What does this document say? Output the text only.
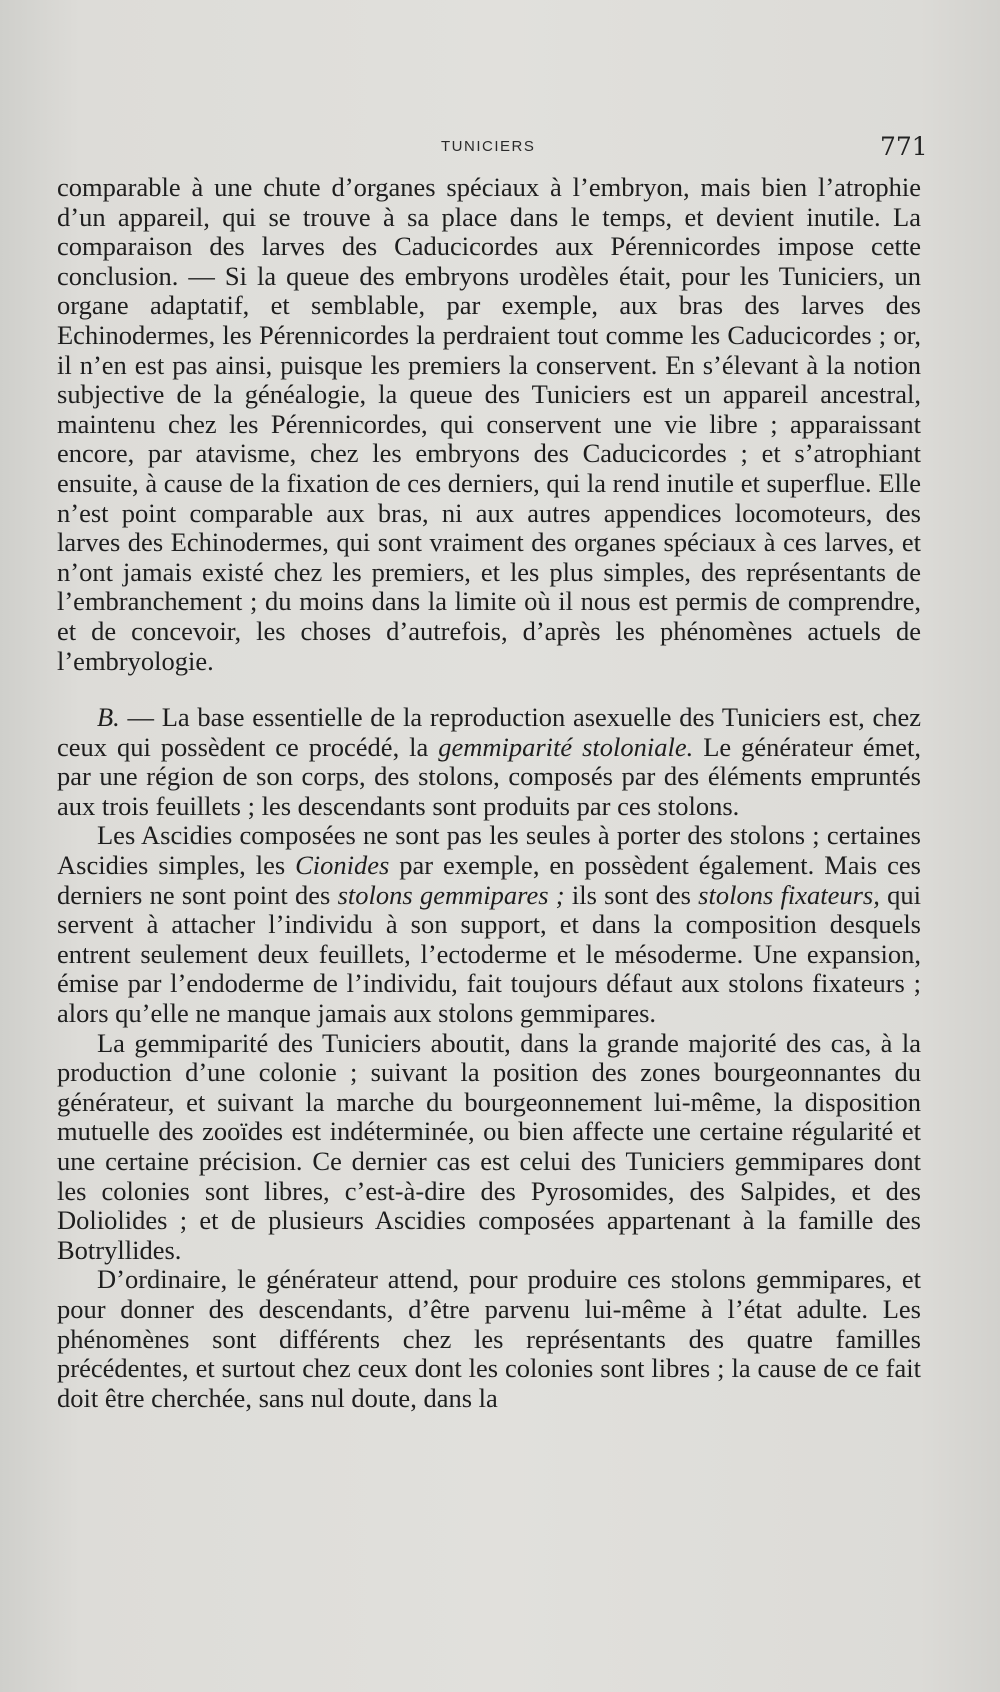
TUNICIERS	771

comparable à une chute d’organes spéciaux à l’embryon, mais bien l’atrophie d’un appareil, qui se trouve à sa place dans le temps, et devient inutile. La comparaison des larves des Caducicordes aux Pérennicordes impose cette conclusion. — Si la queue des embryons urodèles était, pour les Tuniciers, un organe adaptatif, et semblable, par exemple, aux bras des larves des Echinodermes, les Pérennicordes la perdraient tout comme les Caducicordes ; or, il n’en est pas ainsi, puisque les premiers la conservent. En s’élevant à la notion subjective de la généalogie, la queue des Tuniciers est un appareil ancestral, maintenu chez les Pérennicordes, qui conservent une vie libre ; apparaissant encore, par atavisme, chez les embryons des Caducicordes ; et s’atrophiant ensuite, à cause de la fixation de ces derniers, qui la rend inutile et superflue. Elle n’est point comparable aux bras, ni aux autres appendices locomoteurs, des larves des Echinodermes, qui sont vraiment des organes spéciaux à ces larves, et n’ont jamais existé chez les premiers, et les plus simples, des représentants de l’embranchement ; du moins dans la limite où il nous est permis de comprendre, et de concevoir, les choses d’autrefois, d’après les phénomènes actuels de l’embryologie.

B. — La base essentielle de la reproduction asexuelle des Tuniciers est, chez ceux qui possèdent ce procédé, la gemmiparité stoloniale. Le générateur émet, par une région de son corps, des stolons, composés par des éléments empruntés aux trois feuillets ; les descendants sont produits par ces stolons.

Les Ascidies composées ne sont pas les seules à porter des stolons ; certaines Ascidies simples, les Cionides par exemple, en possèdent également. Mais ces derniers ne sont point des stolons gemmipares ; ils sont des stolons fixateurs, qui servent à attacher l’individu à son support, et dans la composition desquels entrent seulement deux feuillets, l’ectoderme et le mésoderme. Une expansion, émise par l’endoderme de l’individu, fait toujours défaut aux stolons fixateurs ; alors qu’elle ne manque jamais aux stolons gemmipares.

La gemmiparité des Tuniciers aboutit, dans la grande majorité des cas, à la production d’une colonie ; suivant la position des zones bourgeonnantes du générateur, et suivant la marche du bourgeonnement lui-même, la disposition mutuelle des zooïdes est indéterminée, ou bien affecte une certaine régularité et une certaine précision. Ce dernier cas est celui des Tuniciers gemmipares dont les colonies sont libres, c’est-à-dire des Pyrosomides, des Salpides, et des Doliolides ; et de plusieurs Ascidies composées appartenant à la famille des Botryllides.

D’ordinaire, le générateur attend, pour produire ces stolons gemmipares, et pour donner des descendants, d’être parvenu lui-même à l’état adulte. Les phénomènes sont différents chez les représentants des quatre familles précédentes, et surtout chez ceux dont les colonies sont libres ; la cause de ce fait doit être cherchée, sans nul doute, dans la
